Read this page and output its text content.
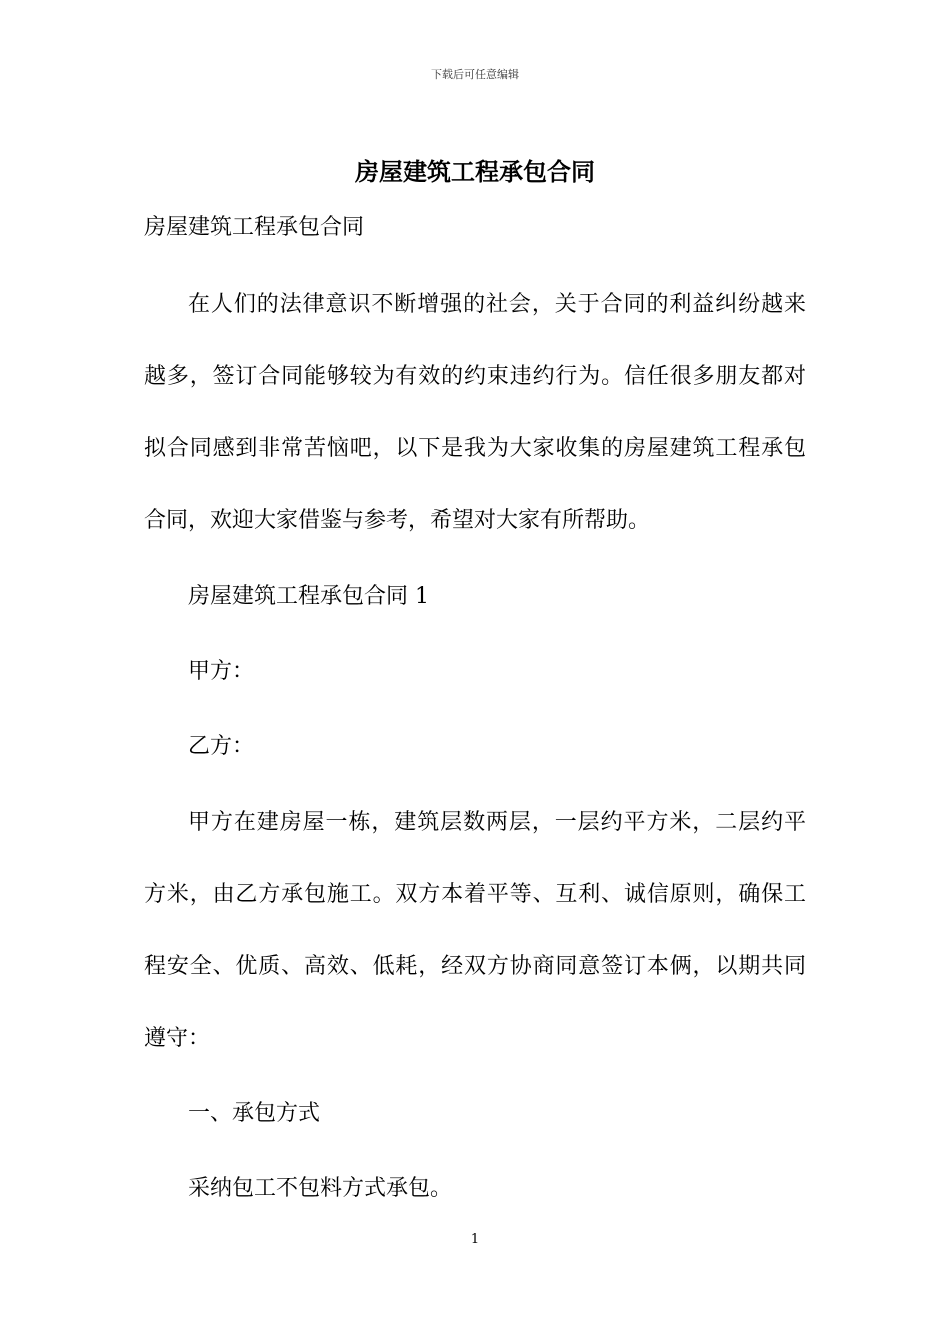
下载后可任意编辑
房屋建筑工程承包合同
房屋建筑工程承包合同
在人们的法律意识不断增强的社会，关于合同的利益纠纷越来
越多，签订合同能够较为有效的约束违约行为。信任很多朋友都对
拟合同感到非常苦恼吧，以下是我为大家收集的房屋建筑工程承包
合同，欢迎大家借鉴与参考，希望对大家有所帮助。
房屋建筑工程承包合同 1
甲方：
乙方：
甲方在建房屋一栋，建筑层数两层，一层约平方米，二层约平
方米，由乙方承包施工。双方本着平等、互利、诚信原则，确保工
程安全、优质、高效、低耗，经双方协商同意签订本俩，以期共同
遵守：
一、承包方式
采纳包工不包料方式承包。
1
